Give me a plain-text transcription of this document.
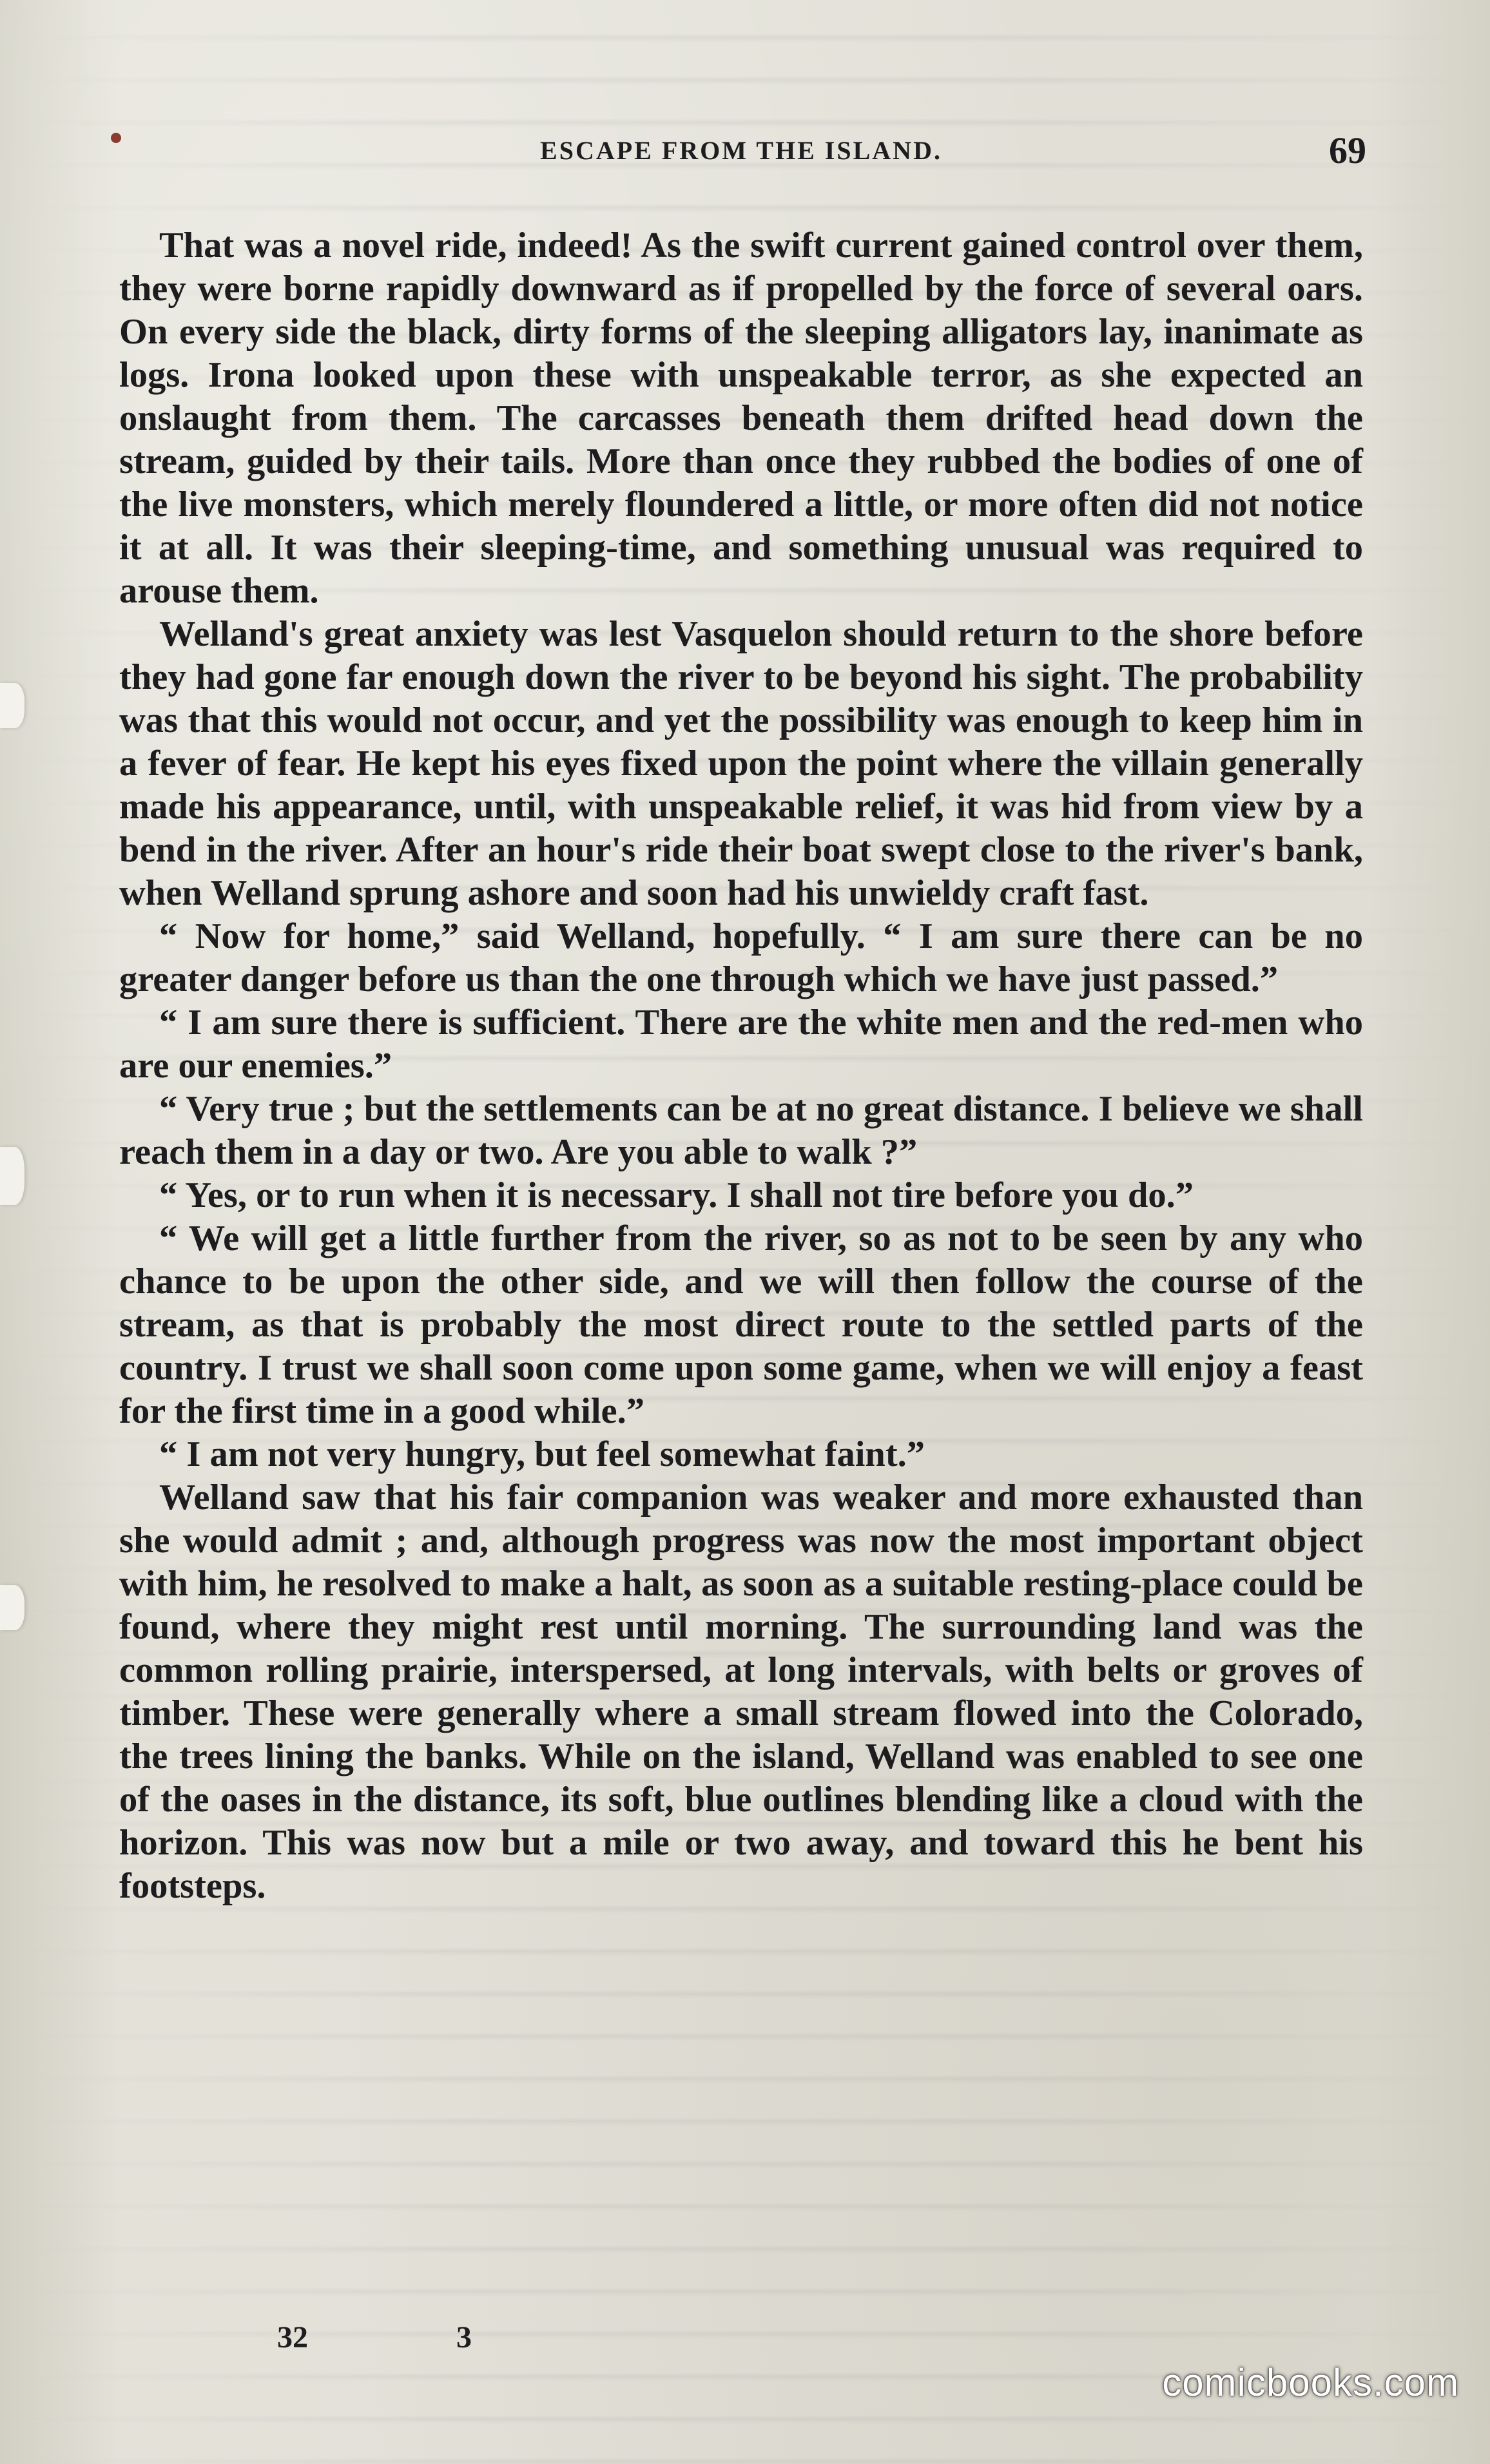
ESCAPE FROM THE ISLAND.	69

That was a novel ride, indeed! As the swift current gained control over them, they were borne rapidly downward as if propelled by the force of several oars. On every side the black, dirty forms of the sleeping alligators lay, inanimate as logs. Irona looked upon these with unspeakable terror, as she expected an onslaught from them. The carcasses beneath them drifted head down the stream, guided by their tails. More than once they rubbed the bodies of one of the live monsters, which merely floundered a little, or more often did not notice it at all. It was their sleeping-time, and something unusual was required to arouse them.

Welland's great anxiety was lest Vasquelon should return to the shore before they had gone far enough down the river to be beyond his sight. The probability was that this would not occur, and yet the possibility was enough to keep him in a fever of fear. He kept his eyes fixed upon the point where the villain generally made his appearance, until, with unspeakable relief, it was hid from view by a bend in the river. After an hour's ride their boat swept close to the river's bank, when Welland sprung ashore and soon had his unwieldy craft fast.

“ Now for home,” said Welland, hopefully. “ I am sure there can be no greater danger before us than the one through which we have just passed.”

“ I am sure there is sufficient. There are the white men and the red-men who are our enemies.”

“ Very true ; but the settlements can be at no great distance. I believe we shall reach them in a day or two. Are you able to walk ?”

“ Yes, or to run when it is necessary. I shall not tire before you do.”

“ We will get a little further from the river, so as not to be seen by any who chance to be upon the other side, and we will then follow the course of the stream, as that is probably the most direct route to the settled parts of the country. I trust we shall soon come upon some game, when we will enjoy a feast for the first time in a good while.”

“ I am not very hungry, but feel somewhat faint.”

Welland saw that his fair companion was weaker and more exhausted than she would admit ; and, although progress was now the most important object with him, he resolved to make a halt, as soon as a suitable resting-place could be found, where they might rest until morning. The surrounding land was the common rolling prairie, interspersed, at long intervals, with belts or groves of timber. These were generally where a small stream flowed into the Colorado, the trees lining the banks. While on the island, Welland was enabled to see one of the oases in the distance, its soft, blue outlines blending like a cloud with the horizon. This was now but a mile or two away, and toward this he bent his footsteps.

32	3
comicbooks.com
